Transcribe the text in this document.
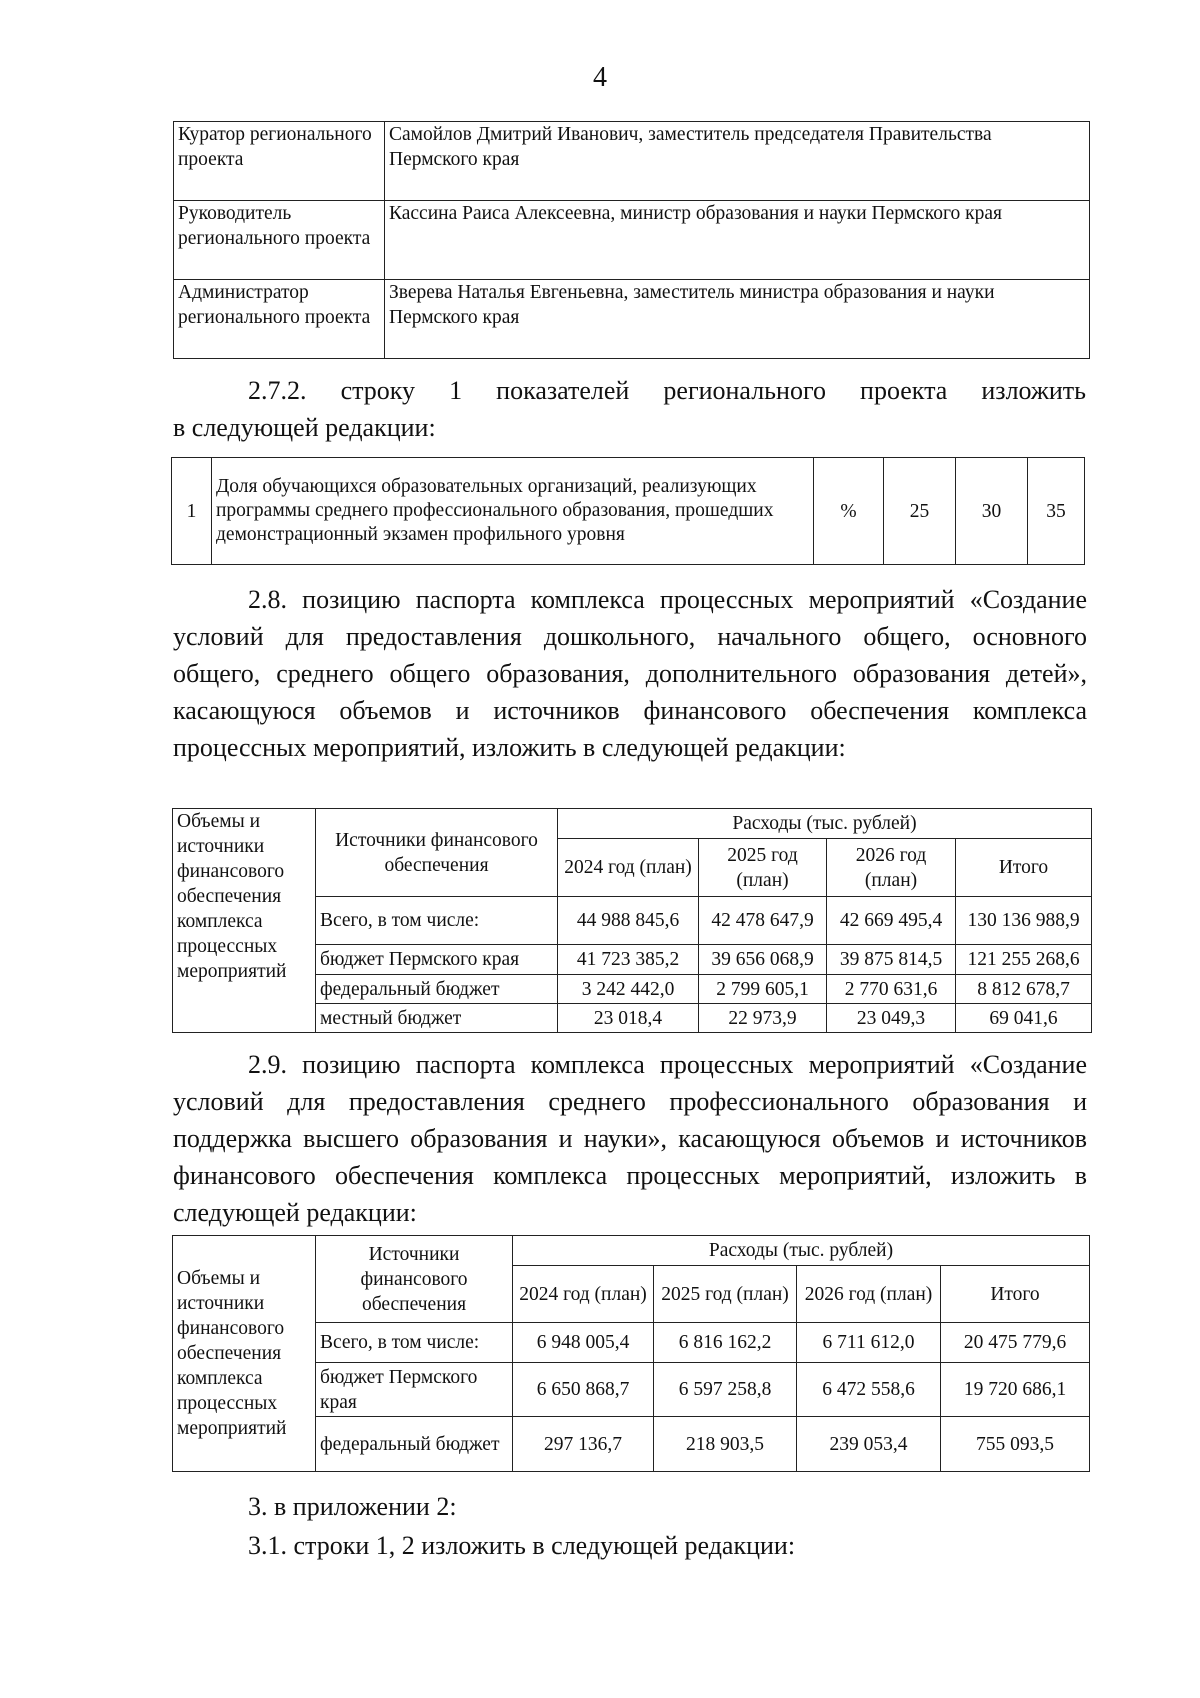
4
Куратор регионального проекта	Самойлов Дмитрий Иванович, заместитель председателя Правительства Пермского края
Руководитель регионального проекта	Кассина Раиса Алексеевна, министр образования и науки Пермского края
Администратор регионального проекта	Зверева Наталья Евгеньевна, заместитель министра образования и науки Пермского края

2.7.2. строку 1 показателей регионального проекта изложить

в следующей редакции:

1	Доля обучающихся образовательных организаций, реализующих программы среднего профессионального образования, прошедших демонстрационный экзамен профильного уровня	%	25	30	35

2.8. позицию паспорта комплекса процессных мероприятий «Создание условий для предоставления дошкольного, начального общего, основного общего, среднего общего образования, дополнительного образования детей», касающуюся объемов и источников финансового обеспечения комплекса процессных мероприятий, изложить в следующей редакции:

Объемы и источники финансового обеспечения комплекса процессных мероприятий	Источники финансового обеспечения	Расходы (тыс. рублей)			
		2024 год (план)	2025 год (план)	2026 год (план)	Итого
	Всего, в том числе:	44 988 845,6	42 478 647,9	42 669 495,4	130 136 988,9
	бюджет Пермского края	41 723 385,2	39 656 068,9	39 875 814,5	121 255 268,6
	федеральный бюджет	3 242 442,0	2 799 605,1	2 770 631,6	8 812 678,7
	местный бюджет	23 018,4	22 973,9	23 049,3	69 041,6

2.9. позицию паспорта комплекса процессных мероприятий «Создание условий для предоставления среднего профессионального образования и поддержка высшего образования и науки», касающуюся объемов и источников финансового обеспечения комплекса процессных мероприятий, изложить в следующей редакции:

Объемы и источники финансового обеспечения комплекса процессных мероприятий	Источники финансового обеспечения	Расходы (тыс. рублей)			
		2024 год (план)	2025 год (план)	2026 год (план)	Итого
	Всего, в том числе:	6 948 005,4	6 816 162,2	6 711 612,0	20 475 779,6
	бюджет Пермского края	6 650 868,7	6 597 258,8	6 472 558,6	19 720 686,1
	федеральный бюджет	297 136,7	218 903,5	239 053,4	755 093,5

3. в приложении 2:

3.1. строки 1, 2 изложить в следующей редакции:
